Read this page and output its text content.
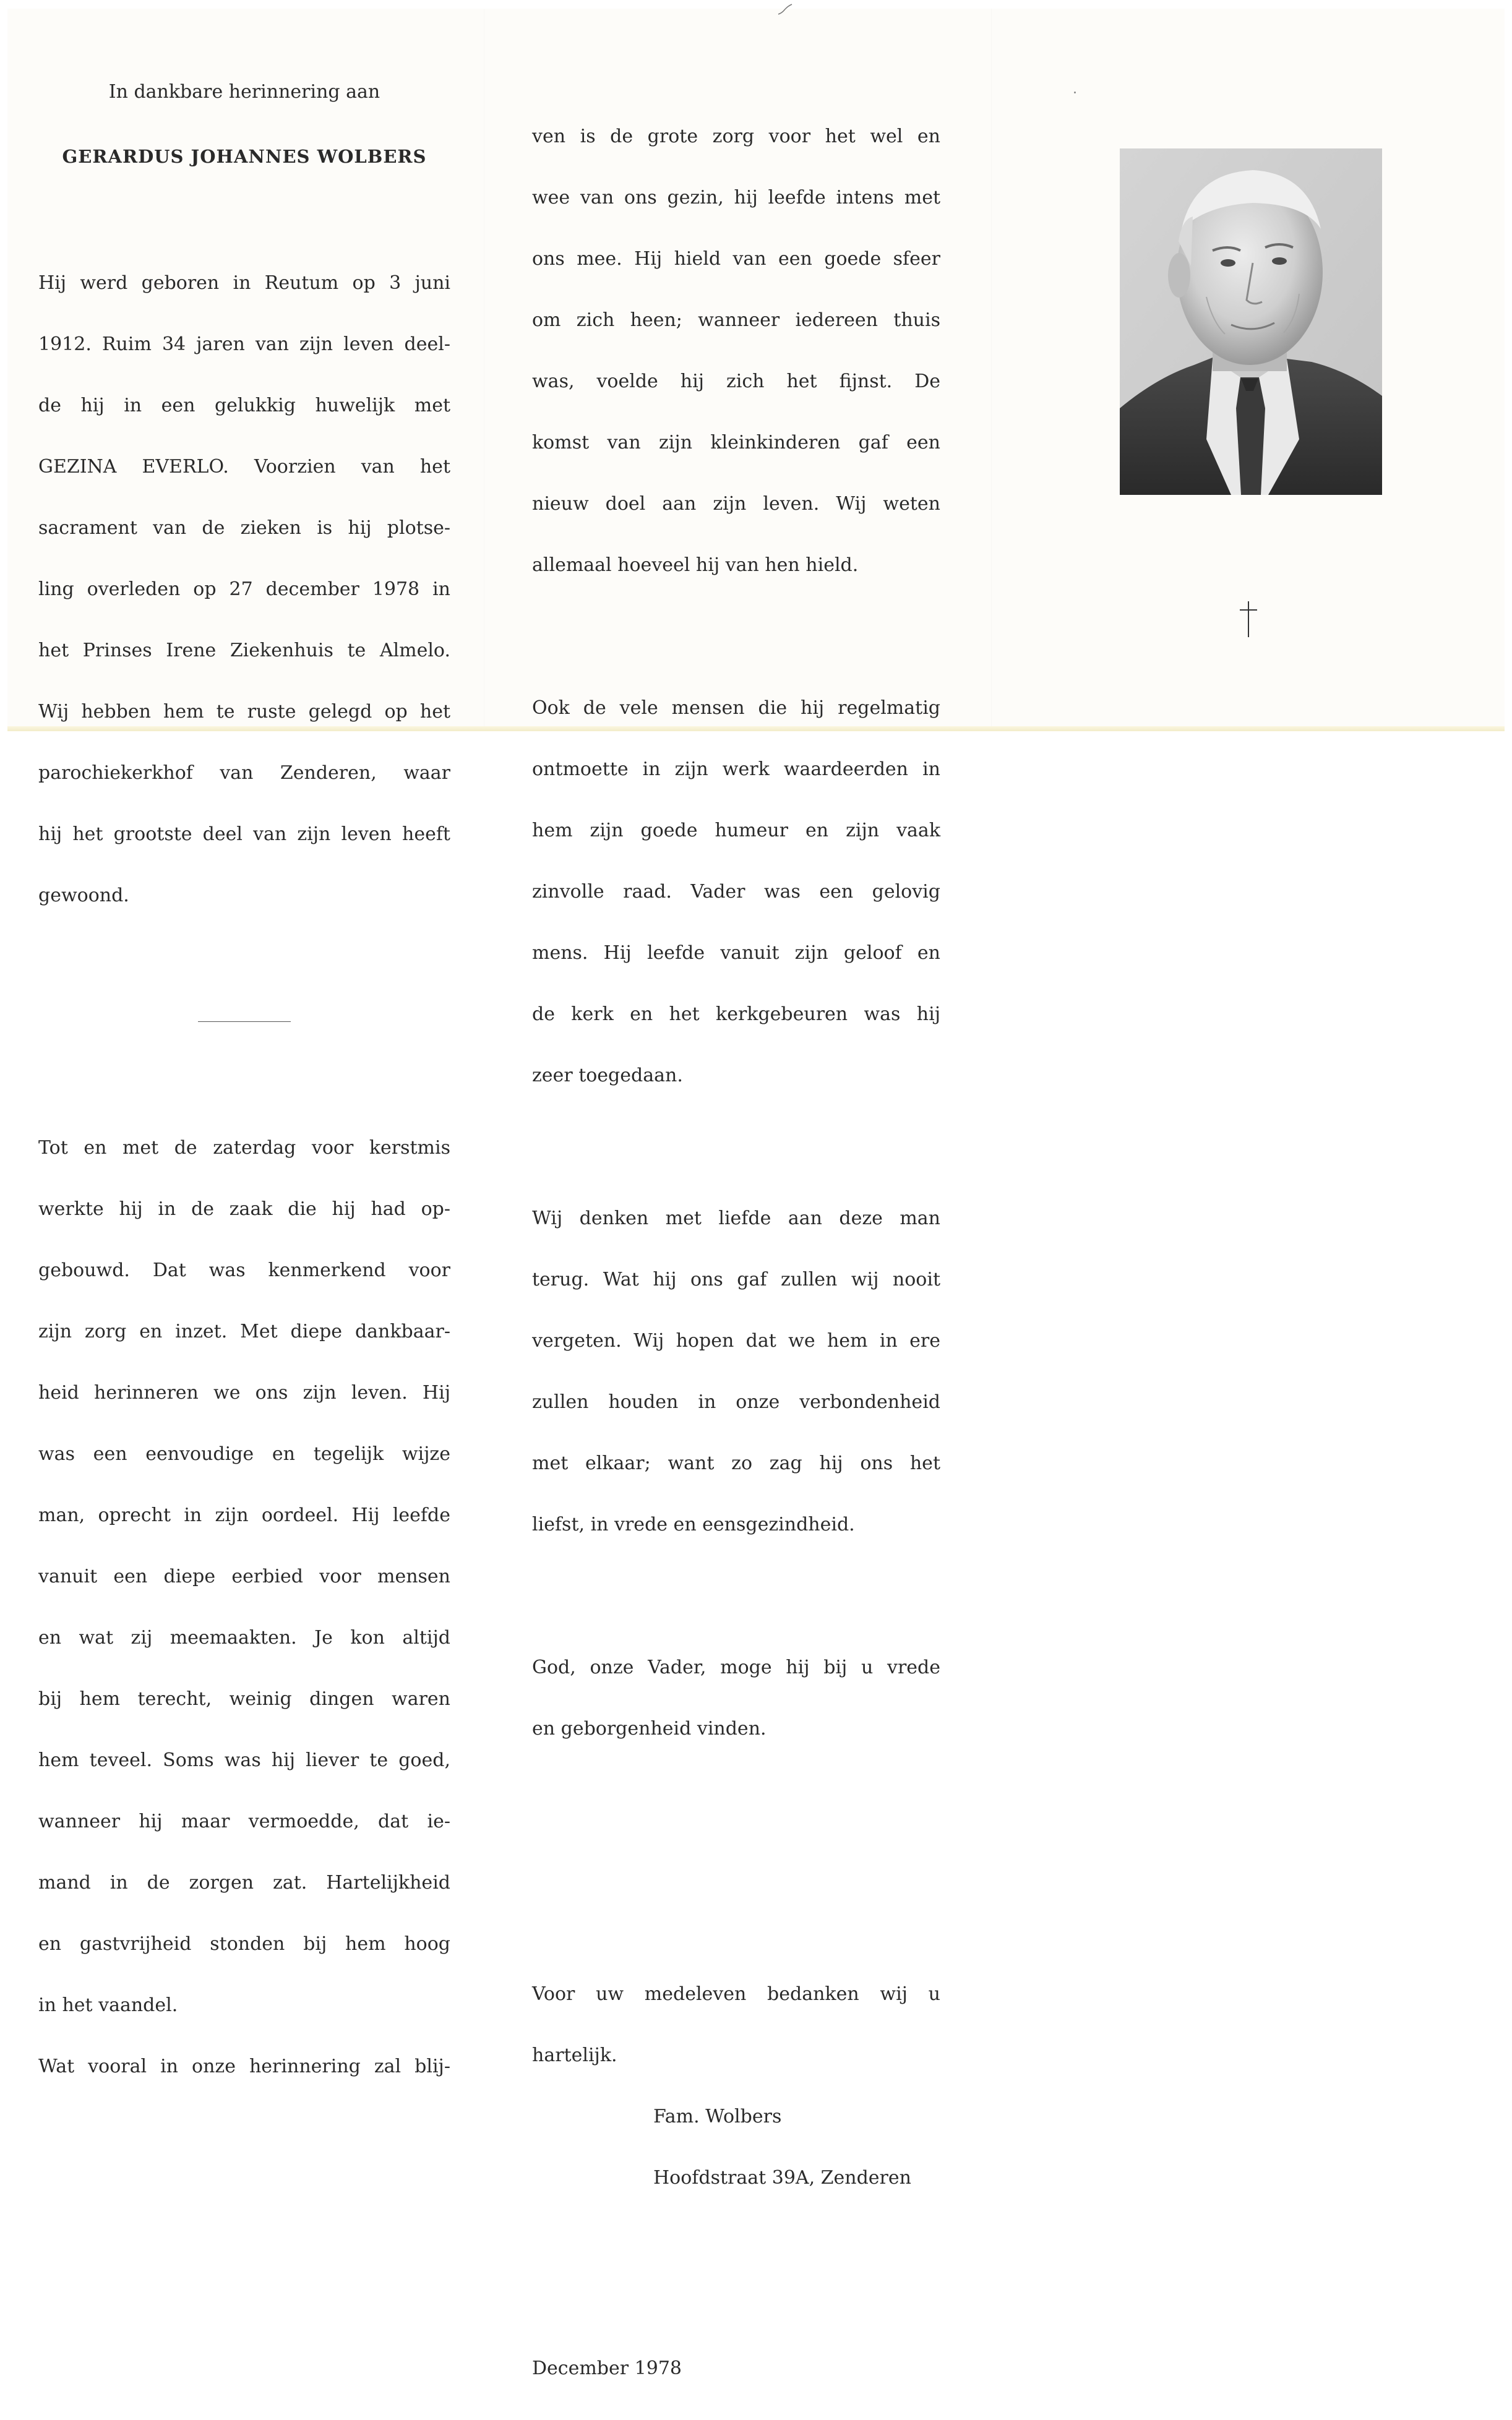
In dankbare herinnering aan

GERARDUS JOHANNES WOLBERS

Hij werd geboren in Reutum op 3 juni

1912. Ruim 34 jaren van zijn leven deel-

de hij in een gelukkig huwelijk met

GEZINA EVERLO. Voorzien van het

sacrament van de zieken is hij plotse-

ling overleden op 27 december 1978 in

het Prinses Irene Ziekenhuis te Almelo.

Wij hebben hem te ruste gelegd op het

parochiekerkhof van Zenderen, waar

hij het grootste deel van zijn leven heeft

gewoond.

Tot en met de zaterdag voor kerstmis

werkte hij in de zaak die hij had op-

gebouwd. Dat was kenmerkend voor

zijn zorg en inzet. Met diepe dankbaar-

heid herinneren we ons zijn leven. Hij

was een eenvoudige en tegelijk wijze

man, oprecht in zijn oordeel. Hij leefde

vanuit een diepe eerbied voor mensen

en wat zij meemaakten. Je kon altijd

bij hem terecht, weinig dingen waren

hem teveel. Soms was hij liever te goed,

wanneer hij maar vermoedde, dat ie-

mand in de zorgen zat. Hartelijkheid

en gastvrijheid stonden bij hem hoog

in het vaandel.

Wat vooral in onze herinnering zal blij-

ven is de grote zorg voor het wel en

wee van ons gezin, hij leefde intens met

ons mee. Hij hield van een goede sfeer

om zich heen; wanneer iedereen thuis

was, voelde hij zich het fijnst. De

komst van zijn kleinkinderen gaf een

nieuw doel aan zijn leven. Wij weten

allemaal hoeveel hij van hen hield.

Ook de vele mensen die hij regelmatig

ontmoette in zijn werk waardeerden in

hem zijn goede humeur en zijn vaak

zinvolle raad. Vader was een gelovig

mens. Hij leefde vanuit zijn geloof en

de kerk en het kerkgebeuren was hij

zeer toegedaan.

Wij denken met liefde aan deze man

terug. Wat hij ons gaf zullen wij nooit

vergeten. Wij hopen dat we hem in ere

zullen houden in onze verbondenheid

met elkaar; want zo zag hij ons het

liefst, in vrede en eensgezindheid.

God, onze Vader, moge hij bij u vrede

en geborgenheid vinden.

Voor uw medeleven bedanken wij u

hartelijk.

Fam. Wolbers

Hoofdstraat 39A, Zenderen

December 1978
